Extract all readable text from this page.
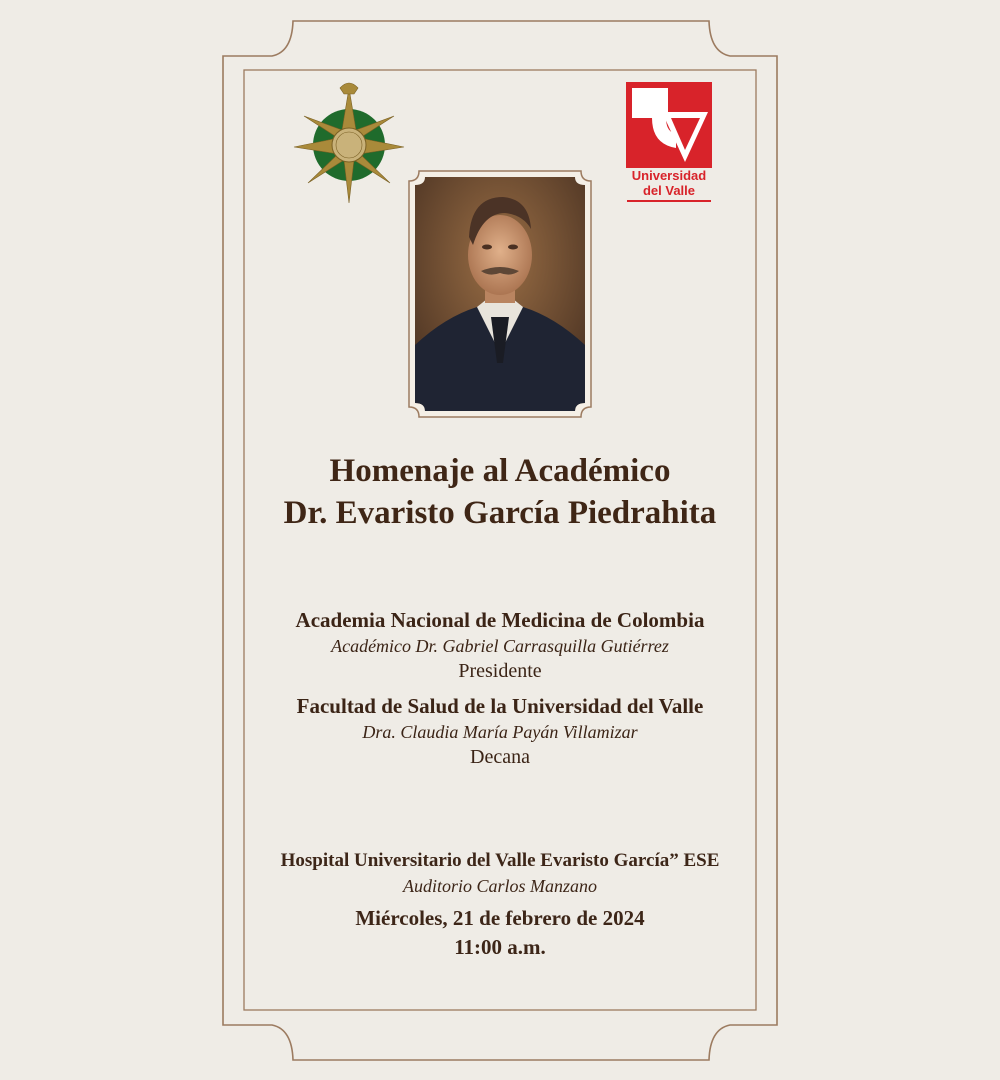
Universidad
del Valle
Homenaje al Académico
Dr. Evaristo García Piedrahita
Academia Nacional de Medicina de Colombia
Académico Dr. Gabriel Carrasquilla Gutiérrez
Presidente
Facultad de Salud de la Universidad del Valle
Dra. Claudia María Payán Villamizar
Decana
Hospital Universitario del Valle Evaristo García” ESE
Auditorio Carlos Manzano
Miércoles, 21 de febrero de 2024
11:00 a.m.
